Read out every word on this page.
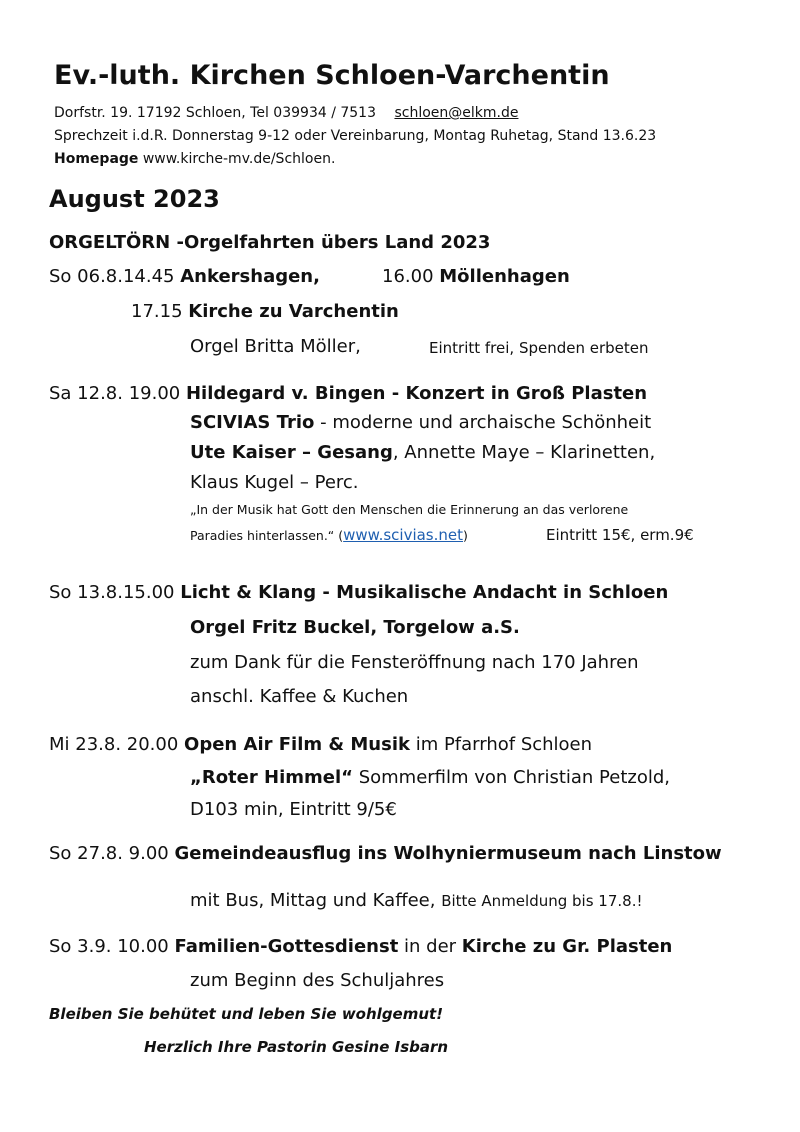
Ev.-luth. Kirchen Schloen-Varchentin
Dorfstr. 19. 17192 Schloen, Tel 039934 / 7513 schloen@elkm.de
Sprechzeit i.d.R. Donnerstag 9-12 oder Vereinbarung, Montag Ruhetag, Stand 13.6.23
Homepage www.kirche-mv.de/Schloen.
August 2023
ORGELTÖRN -Orgelfahrten übers Land 2023
So 06.8.14.45 Ankershagen,	16.00 Möllenhagen
17.15 Kirche zu Varchentin
Orgel Britta Möller,	Eintritt frei, Spenden erbeten
Sa 12.8. 19.00 Hildegard v. Bingen - Konzert in Groß Plasten
SCIVIAS Trio - moderne und archaische Schönheit
Ute Kaiser – Gesang, Annette Maye – Klarinetten,
Klaus Kugel – Perc.
„In der Musik hat Gott den Menschen die Erinnerung an das verlorene
Paradies hinterlassen.“ (www.scivias.net)	Eintritt 15€, erm.9€
So 13.8.15.00 Licht & Klang - Musikalische Andacht in Schloen
Orgel Fritz Buckel, Torgelow a.S.
zum Dank für die Fensteröffnung nach 170 Jahren
anschl. Kaffee & Kuchen
Mi 23.8. 20.00 Open Air Film & Musik im Pfarrhof Schloen
„Roter Himmel“ Sommerfilm von Christian Petzold,
D103 min, Eintritt 9/5€
So 27.8. 9.00 Gemeindeausflug ins Wolhyniermuseum nach Linstow
mit Bus, Mittag und Kaffee, Bitte Anmeldung bis 17.8.!
So 3.9. 10.00 Familien-Gottesdienst in der Kirche zu Gr. Plasten
zum Beginn des Schuljahres
Bleiben Sie behütet und leben Sie wohlgemut!
Herzlich Ihre Pastorin Gesine Isbarn
